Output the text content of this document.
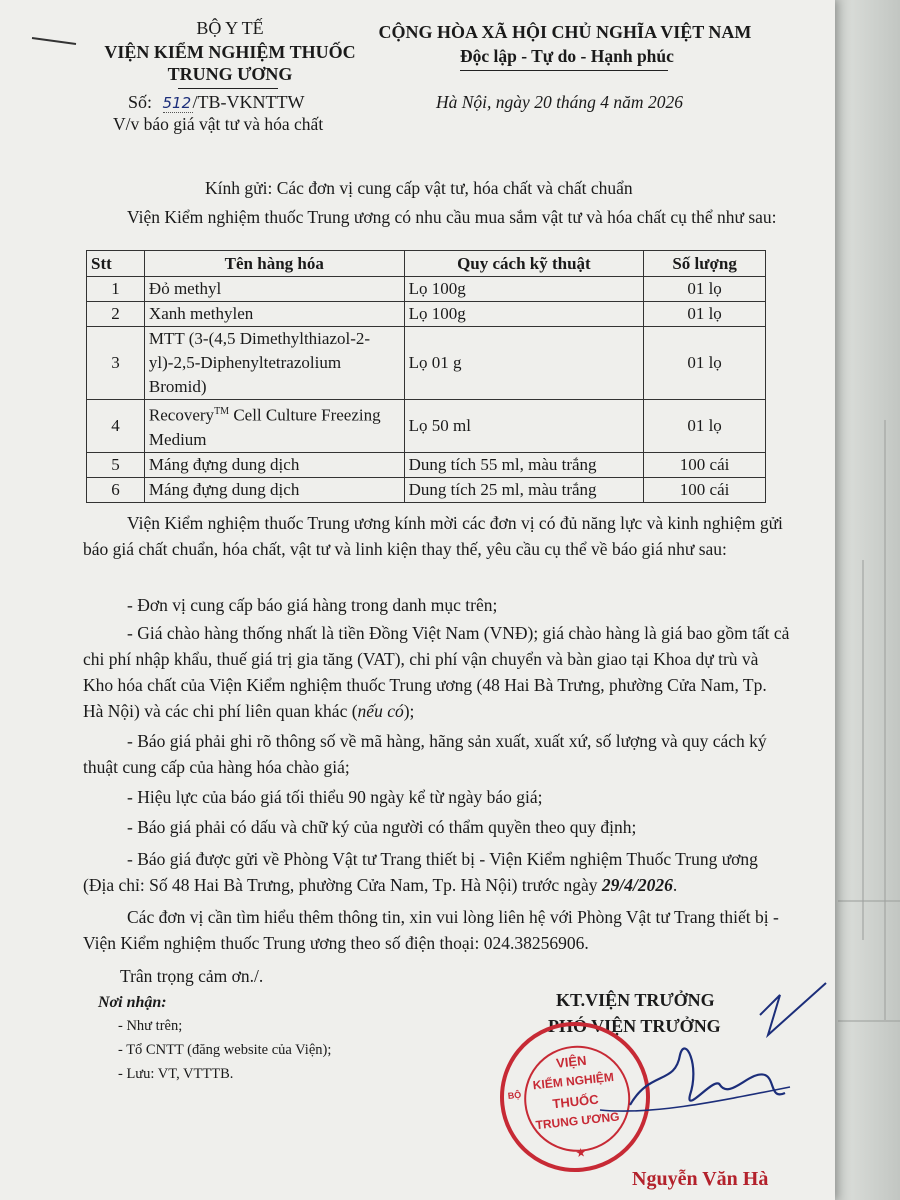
BỘ Y TẾ
VIỆN KIỂM NGHIỆM THUỐC
TRUNG ƯƠNG
Số: 512/TB-VKNTTW
V/v báo giá vật tư và hóa chất
CỘNG HÒA XÃ HỘI CHỦ NGHĨA VIỆT NAM
Độc lập - Tự do - Hạnh phúc
Hà Nội, ngày 20 tháng 4 năm 2026
Kính gửi: Các đơn vị cung cấp vật tư, hóa chất và chất chuẩn
Viện Kiểm nghiệm thuốc Trung ương có nhu cầu mua sắm vật tư và hóa chất cụ thể như sau:
Stt	Tên hàng hóa	Quy cách kỹ thuật	Số lượng
1	Đỏ methyl	Lọ 100g	01 lọ
2	Xanh methylen	Lọ 100g	01 lọ
3	MTT (3-(4,5 Dimethylthiazol-2-yl)-2,5-Diphenyltetrazolium Bromid)	Lọ 01 g	01 lọ
4	Recovery™ Cell Culture Freezing Medium	Lọ 50 ml	01 lọ
5	Máng đựng dung dịch	Dung tích 55 ml, màu trắng	100 cái
6	Máng đựng dung dịch	Dung tích 25 ml, màu trắng	100 cái
Viện Kiểm nghiệm thuốc Trung ương kính mời các đơn vị có đủ năng lực và kinh nghiệm gửi báo giá chất chuẩn, hóa chất, vật tư và linh kiện thay thế, yêu cầu cụ thể về báo giá như sau:
- Đơn vị cung cấp báo giá hàng trong danh mục trên;
- Giá chào hàng thống nhất là tiền Đồng Việt Nam (VNĐ); giá chào hàng là giá bao gồm tất cả chi phí nhập khẩu, thuế giá trị gia tăng (VAT), chi phí vận chuyển và bàn giao tại Khoa dự trù và Kho hóa chất của Viện Kiểm nghiệm thuốc Trung ương (48 Hai Bà Trưng, phường Cửa Nam, Tp. Hà Nội) và các chi phí liên quan khác (nếu có);
- Báo giá phải ghi rõ thông số về mã hàng, hãng sản xuất, xuất xứ, số lượng và quy cách ký thuật cung cấp của hàng hóa chào giá;
- Hiệu lực của báo giá tối thiểu 90 ngày kể từ ngày báo giá;
- Báo giá phải có dấu và chữ ký của người có thẩm quyền theo quy định;
- Báo giá được gửi về Phòng Vật tư Trang thiết bị - Viện Kiểm nghiệm Thuốc Trung ương (Địa chỉ: Số 48 Hai Bà Trưng, phường Cửa Nam, Tp. Hà Nội) trước ngày 29/4/2026.
Các đơn vị cần tìm hiểu thêm thông tin, xin vui lòng liên hệ với Phòng Vật tư Trang thiết bị - Viện Kiểm nghiệm thuốc Trung ương theo số điện thoại: 024.38256906.
Trân trọng cảm ơn./.
Nơi nhận:
- Như trên;
- Tổ CNTT (đăng website của Viện);
- Lưu: VT, VTTTB.
KT.VIỆN TRƯỞNG
PHÓ VIỆN TRƯỞNG
VIỆN
KIỂM NGHIỆM
THUỐC
TRUNG ƯƠNG
BỘ
★
Nguyễn Văn Hà
